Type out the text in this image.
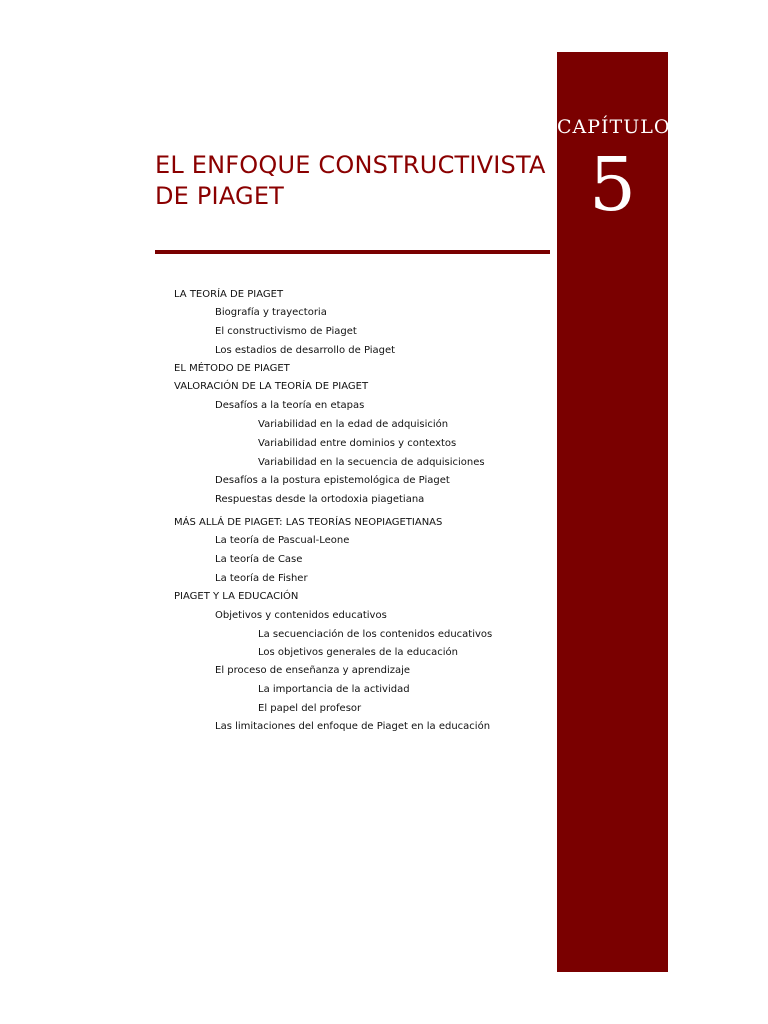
CAPÍTULO
5
EL ENFOQUE CONSTRUCTIVISTA DE PIAGET
LA TEORÍA DE PIAGET
Biografía y trayectoria
El constructivismo de Piaget
Los estadios de desarrollo de Piaget
EL MÉTODO DE PIAGET
VALORACIÓN DE LA TEORÍA DE PIAGET
Desafíos a la teoría en etapas
Variabilidad en la edad de adquisición
Variabilidad entre dominios y contextos
Variabilidad en la secuencia de adquisiciones
Desafíos a la postura epistemológica de Piaget
Respuestas desde la ortodoxia piagetiana
MÁS ALLÁ DE PIAGET: LAS TEORÍAS NEOPIAGETIANAS
La teoría de Pascual-Leone
La teoría de Case
La teoría de Fisher
PIAGET Y LA EDUCACIÓN
Objetivos y contenidos educativos
La secuenciación de los contenidos educativos
Los objetivos generales de la educación
El proceso de enseñanza y aprendizaje
La importancia de la actividad
El papel del profesor
Las limitaciones del enfoque de Piaget en la educación
